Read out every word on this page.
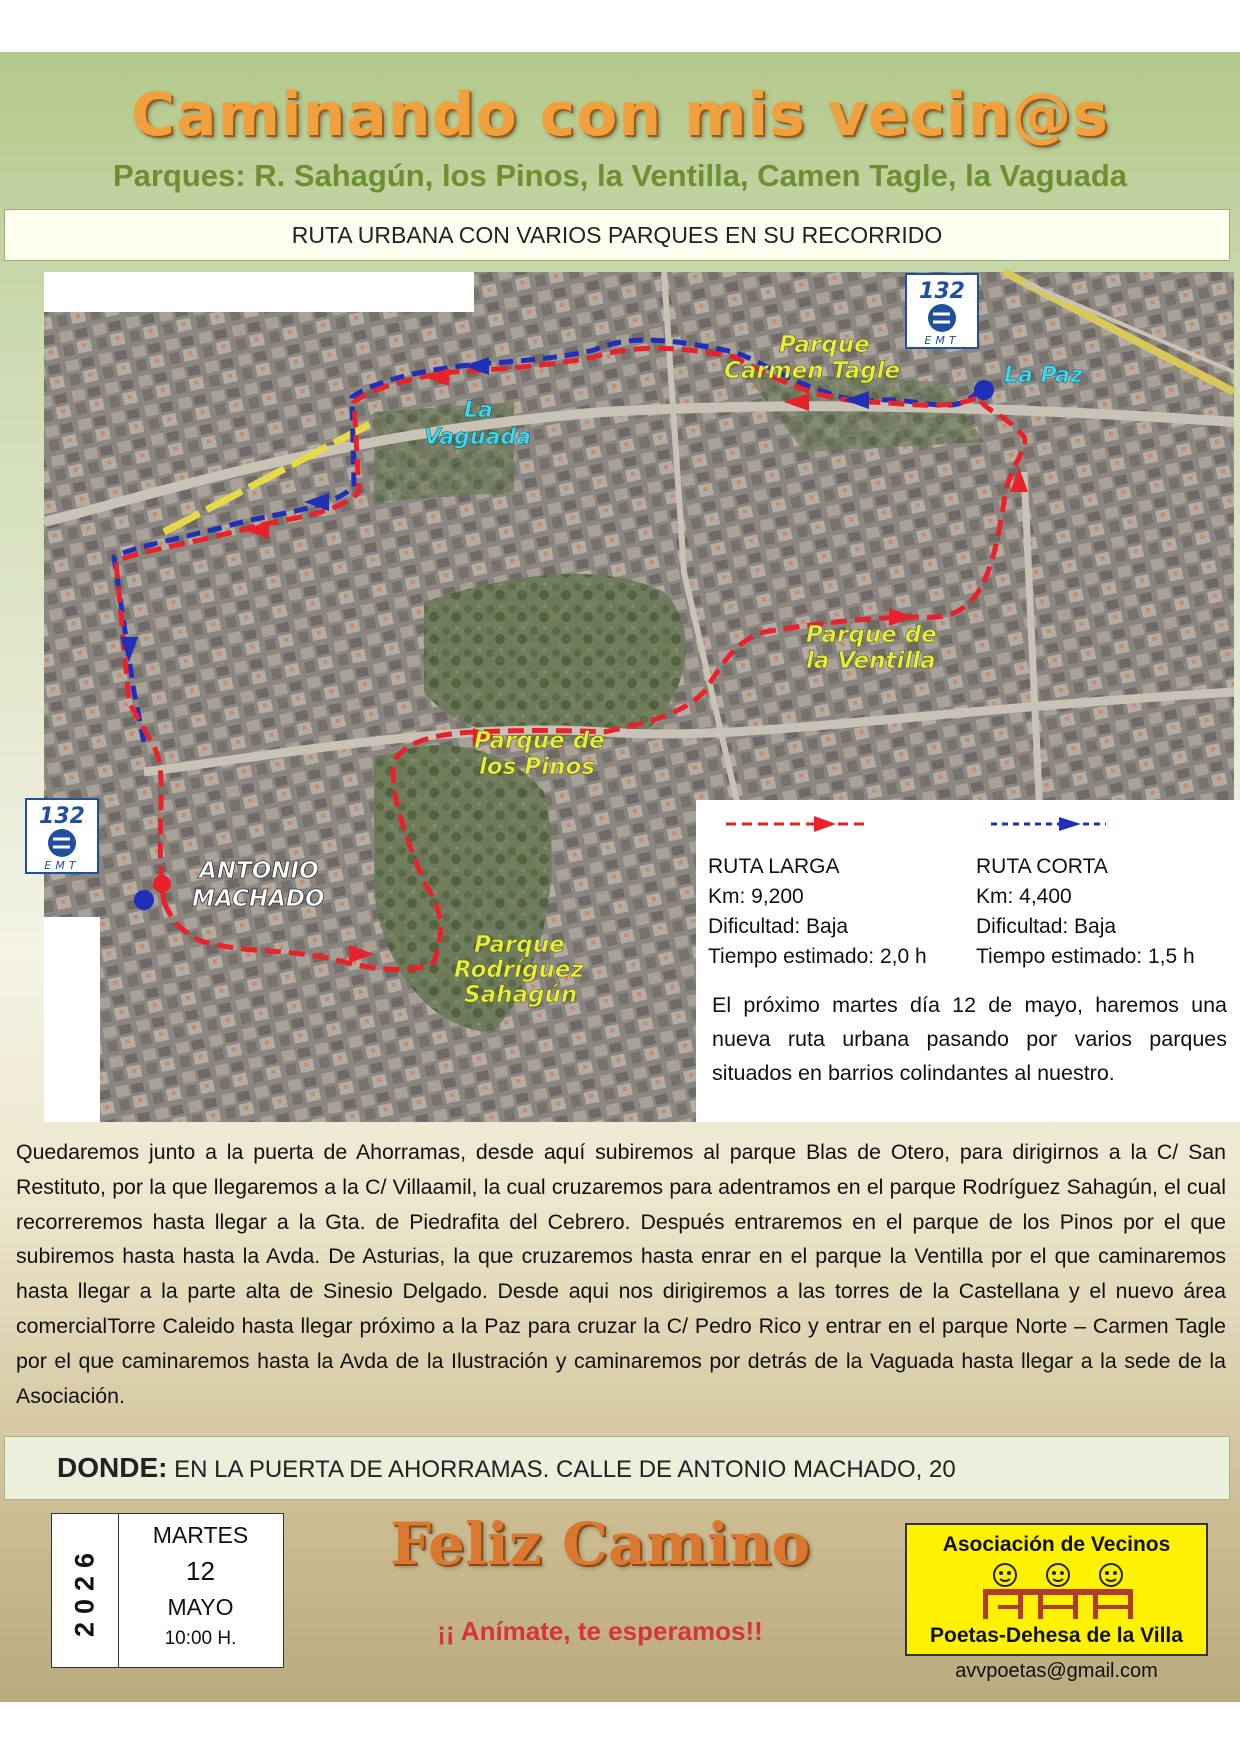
Caminando con mis vecin@s
Parques: R. Sahagún, los Pinos, la Ventilla, Camen Tagle, la Vaguada
RUTA URBANA CON VARIOS PARQUES EN SU RECORRIDO
Parque
Carmen Tagle
Parque de
la Ventilla
Parque de
los Pinos
Parque
Rodríguez
Sahagún
La Paz
La
Vaguada
ANTONIO
MACHADO
132
EMT
132
EMT	RUTA LARGA
Km: 9,200
Dificultad: Baja
Tiempo estimado: 2,0 h
RUTA CORTA
Km: 4,400
Dificultad: Baja
Tiempo estimado: 1,5 h
El próximo martes día 12 de mayo, haremos una nueva ruta urbana pasando por varios parques situados en barrios colindantes al nuestro.
Quedaremos junto a la puerta de Ahorramas, desde aquí subiremos al parque Blas de Otero, para dirigirnos a la C/ San Restituto, por la que llegaremos a la C/ Villaamil, la cual cruzaremos para adentramos en el parque Rodríguez Sahagún, el cual recorreremos hasta llegar a la Gta. de Piedrafita del Cebrero. Después entraremos en el parque de los Pinos por el que subiremos hasta hasta la Avda. De Asturias, la que cruzaremos hasta enrar en el parque la Ventilla por el que caminaremos hasta llegar a la parte alta de Sinesio Delgado. Desde aqui nos dirigiremos a las torres de la Castellana y el nuevo área comercialTorre Caleido hasta llegar próximo a la Paz para cruzar la C/ Pedro Rico y entrar en el parque Norte – Carmen Tagle por el que caminaremos hasta la Avda de la Ilustración y caminaremos por detrás de la Vaguada hasta llegar a la sede de la Asociación.
DONDE: EN LA PUERTA DE AHORRAMAS. CALLE DE ANTONIO MACHADO, 20
2026
MARTES
12
MAYO
10:00 H.
Feliz Camino
¡¡ Anímate, te esperamos!!
Asociación de Vecinos
Poetas-Dehesa de la Villa
avvpoetas@gmail.com
